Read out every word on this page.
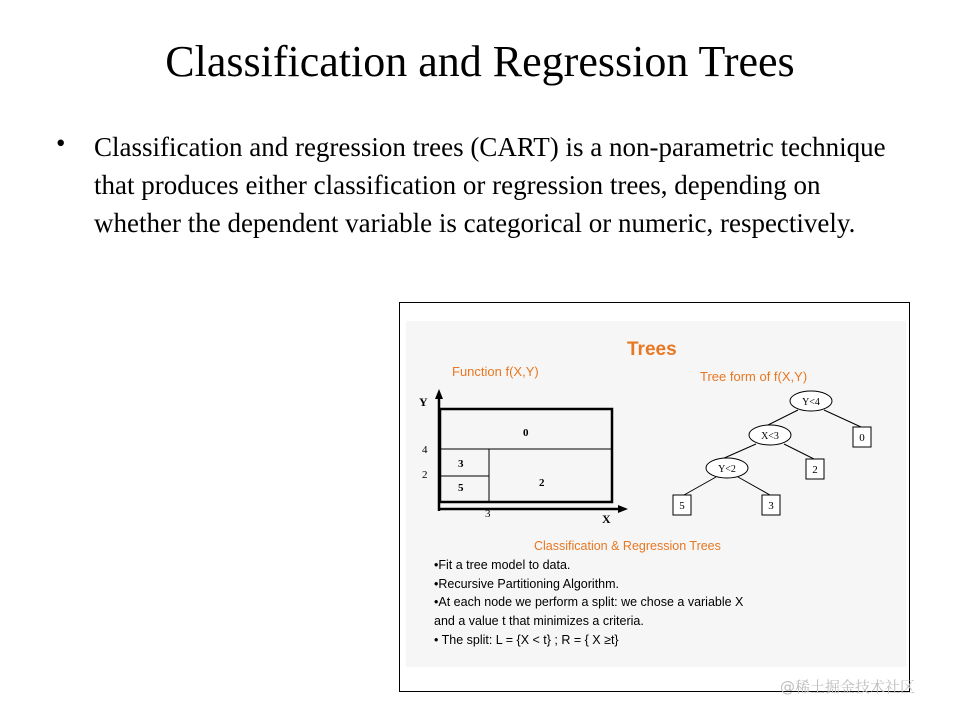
Classification and Regression Trees
• Classification and regression trees (CART) is a non-parametric technique that produces either classification or regression trees, depending on whether the dependent variable is categorical or numeric, respectively.
Trees
Function f(X,Y)	Tree form of f(X,Y)
Y
X
4
2
3
0
3
5	2
Y<4
X<3
Y<2
0
2
5	3
Classification & Regression Trees
•Fit a tree model to data.
•Recursive Partitioning Algorithm.
•At each node we perform a split: we chose a variable X
and a value t that minimizes a criteria.
• The split: L = {X < t} ; R = { X ≥t}
@稀土掘金技术社区
